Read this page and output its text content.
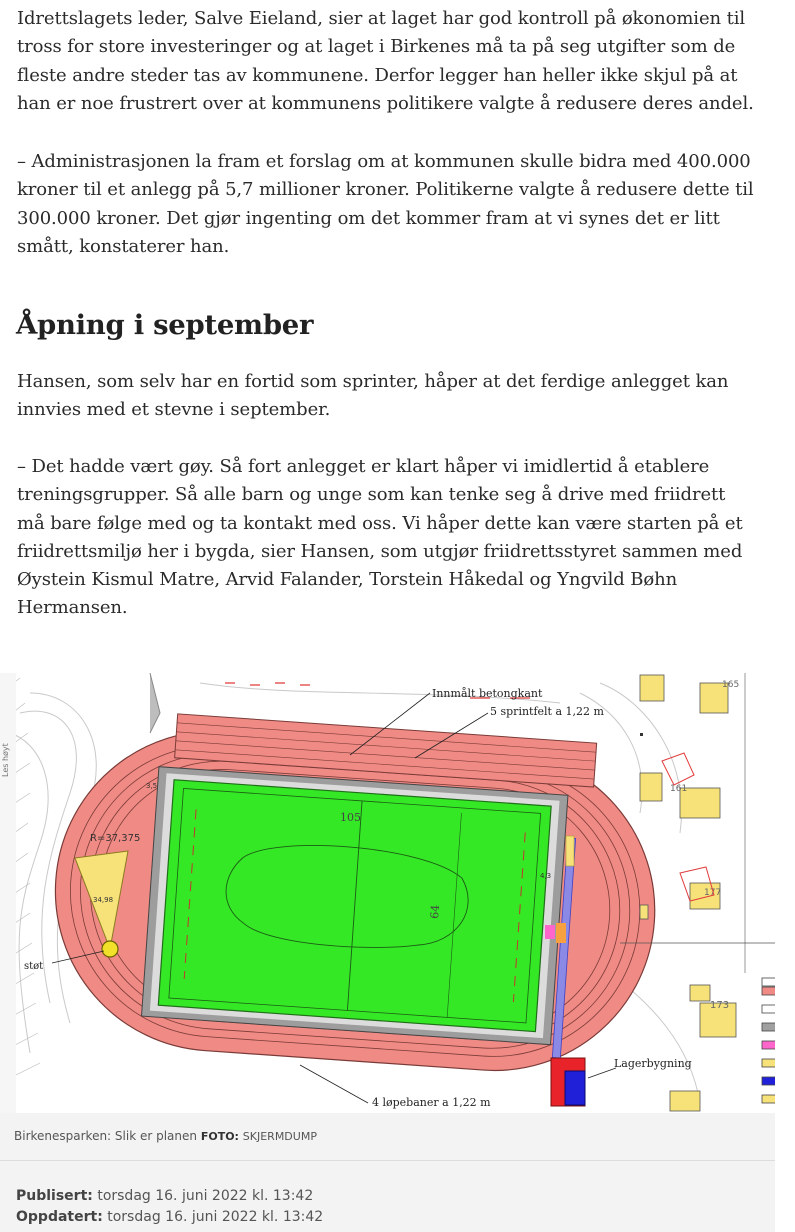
Idrettslagets leder, Salve Eieland, sier at laget har god kontroll på økonomien til tross for store investeringer og at laget i Birkenes må ta på seg utgifter som de fleste andre steder tas av kommunene. Derfor legger han heller ikke skjul på at han er noe frustrert over at kommunens politikere valgte å redusere deres andel.

– Administrasjonen la fram et forslag om at kommunen skulle bidra med 400.000 kroner til et anlegg på 5,7 millioner kroner. Politikerne valgte å redusere dette til 300.000 kroner. Det gjør ingenting om det kommer fram at vi synes det er litt smått, konstaterer han.

Åpning i september

Hansen, som selv har en fortid som sprinter, håper at det ferdige anlegget kan innvies med et stevne i september.

– Det hadde vært gøy. Så fort anlegget er klart håper vi imidlertid å etablere treningsgrupper. Så alle barn og unge som kan tenke seg å drive med friidrett må bare følge med og ta kontakt med oss. Vi håper dette kan være starten på et friidrettsmiljø her i bygda, sier Hansen, som utgjør friidrettsstyret sammen med Øystein Kismul Matre, Arvid Falander, Torstein Håkedal og Yngvild Bøhn Hermansen.

Les høyt
105
64
3,5
4,3
R=37,375
34,98
støt
Lagerbygning
Innmålt betongkant
5 sprintfelt a 1,22 m
4 løpebaner a 1,22 m
165
161
173
177

Birkenesparken: Slik er planen FOTO: SKJERMDUMP

Publisert: torsdag 16. juni 2022 kl. 13:42

Oppdatert: torsdag 16. juni 2022 kl. 13:42
